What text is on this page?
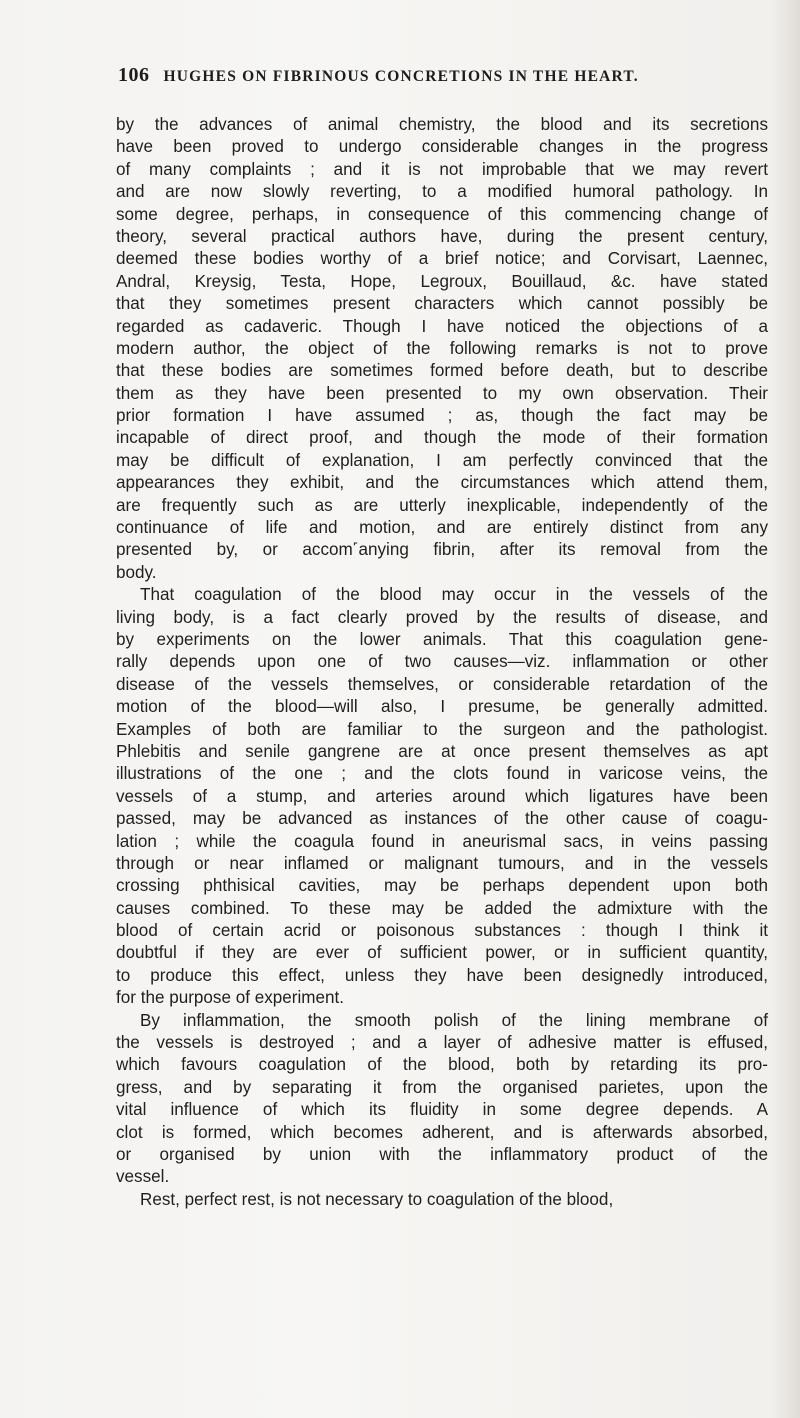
106 HUGHES ON FIBRINOUS CONCRETIONS IN THE HEART.
by the advances of animal chemistry, the blood and its secretions
have been proved to undergo considerable changes in the progress
of many complaints ; and it is not improbable that we may revert
and are now slowly reverting, to a modified humoral pathology. In
some degree, perhaps, in consequence of this commencing change of
theory, several practical authors have, during the present century,
deemed these bodies worthy of a brief notice; and Corvisart, Laennec,
Andral, Kreysig, Testa, Hope, Legroux, Bouillaud, &c. have stated
that they sometimes present characters which cannot possibly be
regarded as cadaveric. Though I have noticed the objections of a
modern author, the object of the following remarks is not to prove
that these bodies are sometimes formed before death, but to describe
them as they have been presented to my own observation. Their
prior formation I have assumed ; as, though the fact may be
incapable of direct proof, and though the mode of their formation
may be difficult of explanation, I am perfectly convinced that the
appearances they exhibit, and the circumstances which attend them,
are frequently such as are utterly inexplicable, independently of the
continuance of life and motion, and are entirely distinct from any
presented by, or accom˹anying fibrin, after its removal from the
body.
That coagulation of the blood may occur in the vessels of the
living body, is a fact clearly proved by the results of disease, and
by experiments on the lower animals. That this coagulation gene-
rally depends upon one of two causes—viz. inflammation or other
disease of the vessels themselves, or considerable retardation of the
motion of the blood—will also, I presume, be generally admitted.
Examples of both are familiar to the surgeon and the pathologist.
Phlebitis and senile gangrene are at once present themselves as apt
illustrations of the one ; and the clots found in varicose veins, the
vessels of a stump, and arteries around which ligatures have been
passed, may be advanced as instances of the other cause of coagu-
lation ; while the coagula found in aneurismal sacs, in veins passing
through or near inflamed or malignant tumours, and in the vessels
crossing phthisical cavities, may be perhaps dependent upon both
causes combined. To these may be added the admixture with the
blood of certain acrid or poisonous substances : though I think it
doubtful if they are ever of sufficient power, or in sufficient quantity,
to produce this effect, unless they have been designedly introduced,
for the purpose of experiment.
By inflammation, the smooth polish of the lining membrane of
the vessels is destroyed ; and a layer of adhesive matter is effused,
which favours coagulation of the blood, both by retarding its pro-
gress, and by separating it from the organised parietes, upon the
vital influence of which its fluidity in some degree depends. A
clot is formed, which becomes adherent, and is afterwards absorbed,
or organised by union with the inflammatory product of the
vessel.
Rest, perfect rest, is not necessary to coagulation of the blood,
